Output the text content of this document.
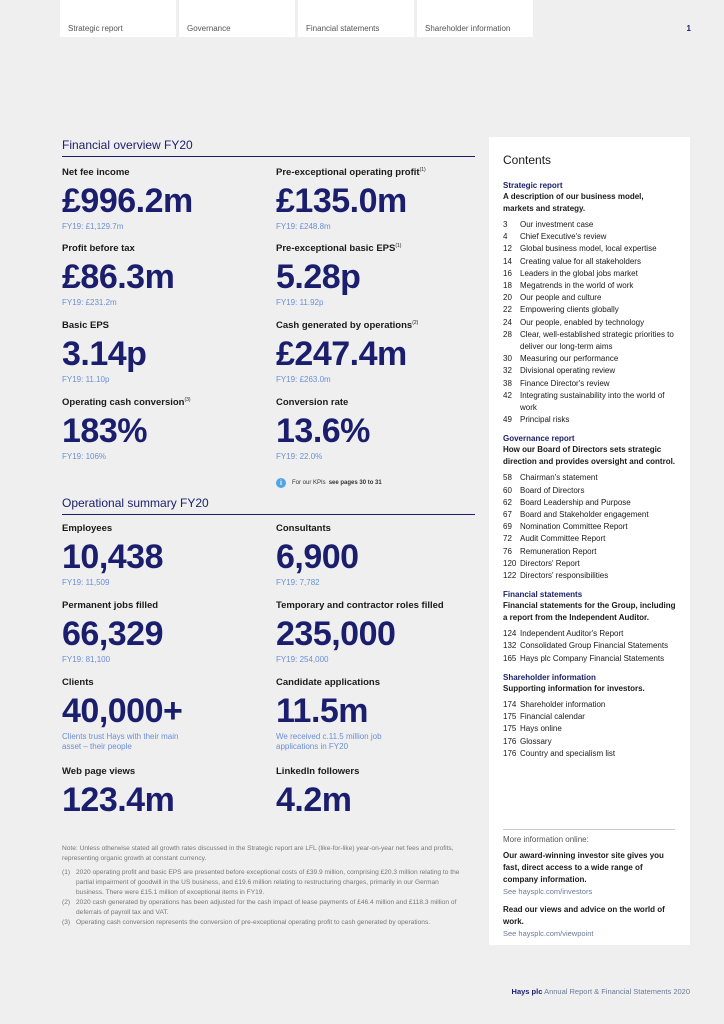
Strategic report	Governance	Financial statements	Shareholder information	1
Financial overview FY20
Net fee income
£996.2m
FY19: £1,129.7m
Pre-exceptional operating profit$^{(1)}$
£135.0m
FY19: £248.8m
Profit before tax
£86.3m
FY19: £231.2m
Pre-exceptional basic EPS$^{(1)}$
5.28p
FY19: 11.92p
Basic EPS
3.14p
FY19: 11.10p
Cash generated by operations$^{(2)}$
£247.4m
FY19: £263.0m
Operating cash conversion$^{(3)}$
183%
FY19: 106%
Conversion rate
13.6%
FY19: 22.0%
i	For our KPIs see pages 30 to 31
Operational summary FY20
Employees
10,438
FY19: 11,509
Consultants
6,900
FY19: 7,782
Permanent jobs filled
66,329
FY19: 81,100
Temporary and contractor roles filled
235,000
FY19: 254,000
Clients
40,000+
Clients trust Hays with their main asset – their people
Candidate applications
11.5m
We received c.11.5 million job applications in FY20
Web page views
123.4m
LinkedIn followers
4.2m
Note: Unless otherwise stated all growth rates discussed in the Strategic report are LFL (like-for-like) year-on-year net fees and profits, representing organic growth at constant currency.
(1) 2020 operating profit and basic EPS are presented before exceptional costs of £39.9 million, comprising £20.3 million relating to the partial impairment of goodwill in the US business, and £19.6 million relating to restructuring charges, primarily in our German business. There were £15.1 million of exceptional items in FY19.
(2) 2020 cash generated by operations has been adjusted for the cash impact of lease payments of £46.4 million and £118.3 million of deferrals of payroll tax and VAT.
(3) Operating cash conversion represents the conversion of pre-exceptional operating profit to cash generated by operations.
Contents
Strategic report
A description of our business model, markets and strategy.
3	Our investment case
4	Chief Executive's review
12	Global business model, local expertise
14	Creating value for all stakeholders
16	Leaders in the global jobs market
18	Megatrends in the world of work
20	Our people and culture
22	Empowering clients globally
24	Our people, enabled by technology
28	Clear, well-established strategic priorities to deliver our long-term aims
30	Measuring our performance
32	Divisional operating review
38	Finance Director's review
42	Integrating sustainability into the world of work
49	Principal risks
Governance report
How our Board of Directors sets strategic direction and provides oversight and control.
58	Chairman's statement
60	Board of Directors
62	Board Leadership and Purpose
67	Board and Stakeholder engagement
69	Nomination Committee Report
72	Audit Committee Report
76	Remuneration Report
120 Directors' Report
122 Directors' responsibilities
Financial statements
Financial statements for the Group, including a report from the Independent Auditor.
124 Independent Auditor's Report
132 Consolidated Group Financial Statements
165 Hays plc Company Financial Statements
Shareholder information
Supporting information for investors.
174 Shareholder information
175 Financial calendar
175 Hays online
176 Glossary
176 Country and specialism list
More information online:
Our award-winning investor site gives you fast, direct access to a wide range of company information.
See haysplc.com/investors
Read our views and advice on the world of work.
See haysplc.com/viewpoint
Hays plc Annual Report & Financial Statements 2020
